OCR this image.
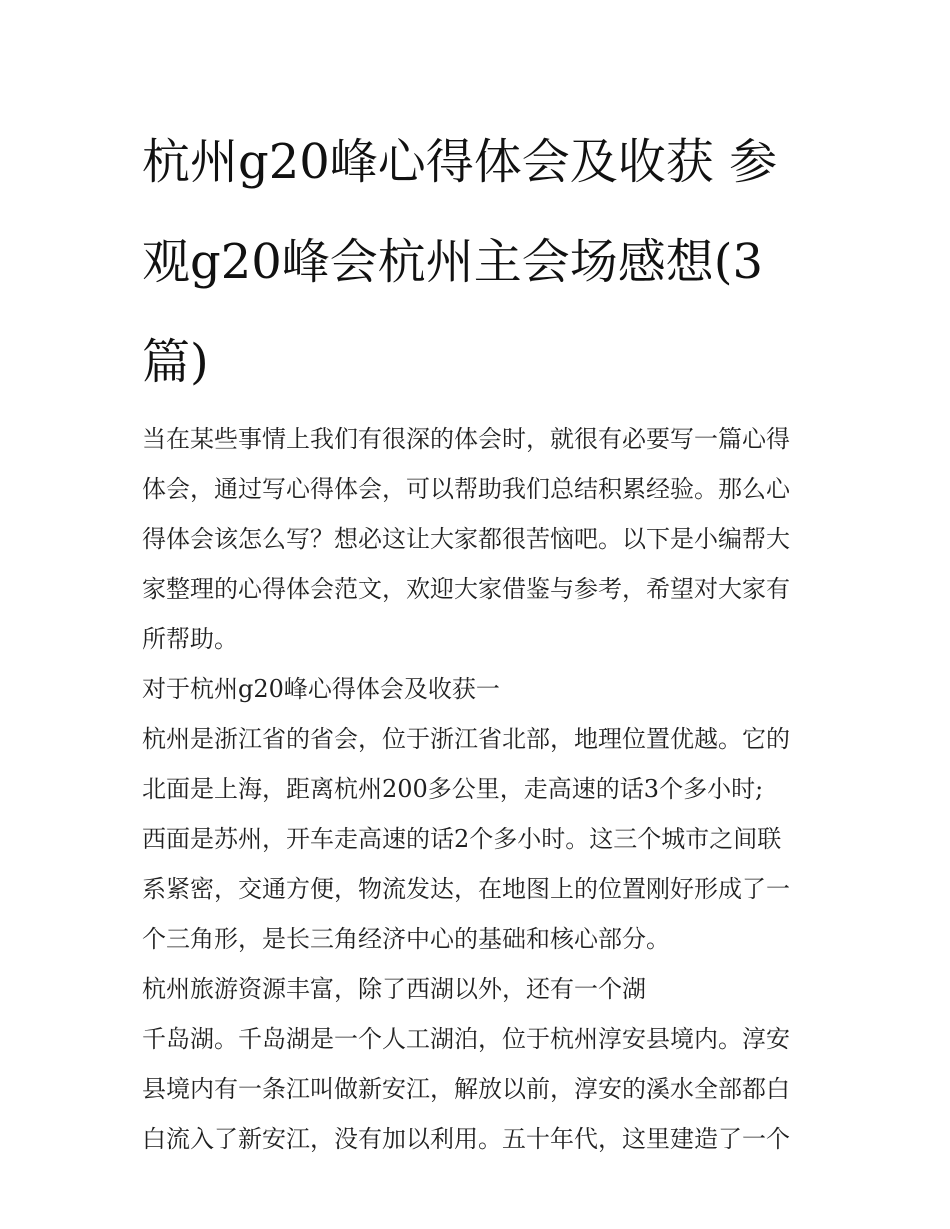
杭州g20峰心得体会及收获 参
观g20峰会杭州主会场感想(3
篇)

当在某些事情上我们有很深的体会时，就很有必要写一篇心得
体会，通过写心得体会，可以帮助我们总结积累经验。那么心
得体会该怎么写？想必这让大家都很苦恼吧。以下是小编帮大
家整理的心得体会范文，欢迎大家借鉴与参考，希望对大家有
所帮助。

对于杭州g20峰心得体会及收获一

杭州是浙江省的省会，位于浙江省北部，地理位置优越。它的
北面是上海，距离杭州200多公里，走高速的话3个多小时;
西面是苏州，开车走高速的话2个多小时。这三个城市之间联
系紧密，交通方便，物流发达，在地图上的位置刚好形成了一
个三角形，是长三角经济中心的基础和核心部分。

杭州旅游资源丰富，除了西湖以外，还有一个湖

千岛湖。千岛湖是一个人工湖泊，位于杭州淳安县境内。淳安
县境内有一条江叫做新安江，解放以前，淳安的溪水全部都白
白流入了新安江，没有加以利用。五十年代，这里建造了一个
